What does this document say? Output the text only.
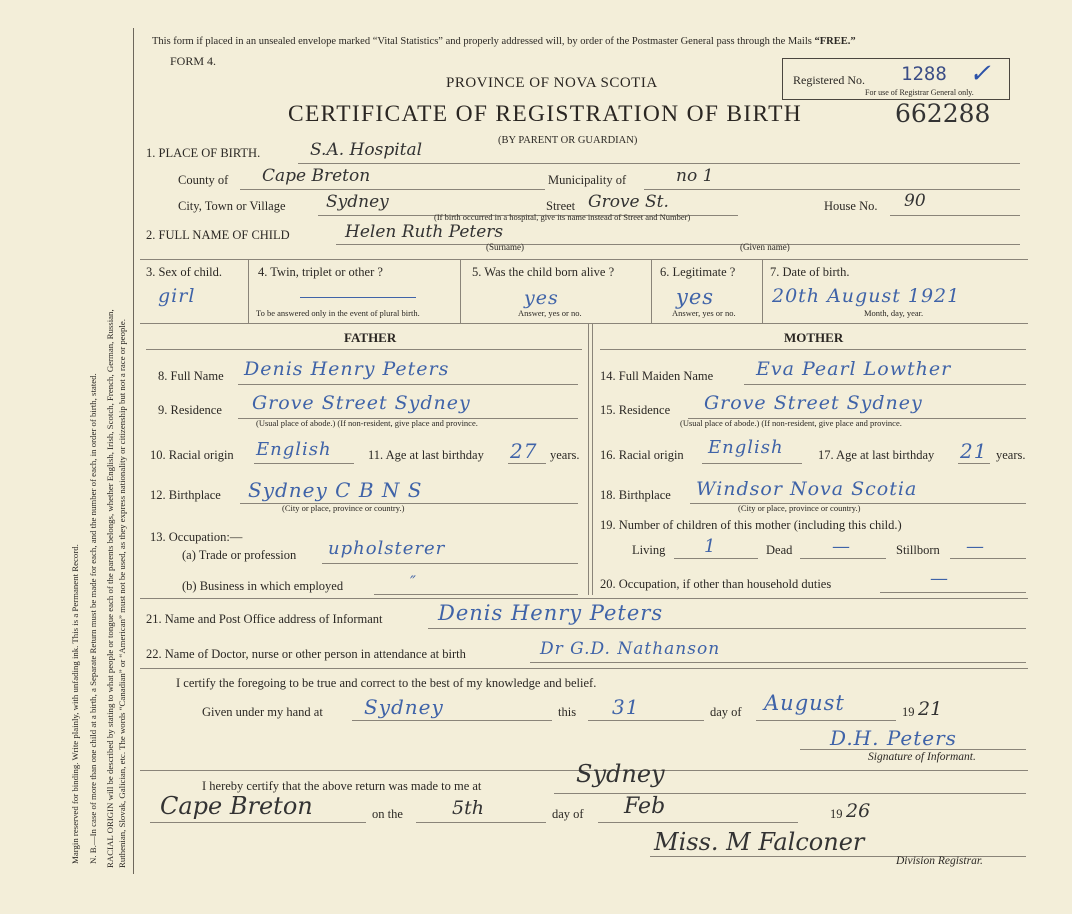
Margin reserved for binding. Write plainly, with unfading ink. This is a Permanent Record. N. B.—In case of more than one child at a birth, a Separate Return must be made for each, and the number of each, in order of birth, stated. RACIAL ORIGIN will be described by stating to what people or tongue each of the parents belongs, whether English, Irish, Scotch, French, German, Russian, Ruthenian, Slovak, Galician, etc. The words “Canadian” or “American” must not be used, as they express nationality or citizenship but not a race or people.
This form if placed in an unsealed envelope marked “Vital Statistics” and properly addressed will, by order of the Postmaster General pass through the Mails “FREE.”
FORM 4.
Registered No. 1288 ✓
For use of Registrar General only.
PROVINCE OF NOVA SCOTIA
CERTIFICATE OF REGISTRATION OF BIRTH	662288
(BY PARENT OR GUARDIAN)
1. PLACE OF BIRTH.	S.A. Hospital
County of Cape Breton	Municipality of	no 1
City, Town or Village Sydney	Street Grove St.
(If birth occurred in a hospital, give its name instead of Street and Number)
House No. 90
2. FULL NAME OF CHILD	Helen Ruth Peters
(Surname)	(Given name)
3. Sex of child.
girl
4. Twin, triplet or other ?
To be answered only in the event of plural birth.
5. Was the child born alive ?
yes
Answer, yes or no.
6. Legitimate ?
yes
Answer, yes or no.
7. Date of birth.
20th August 1921
Month, day, year.
FATHER	MOTHER
8. Full Name Denis Henry Peters
9. Residence Grove Street Sydney
(Usual place of abode.) (If non-resident, give place and province.
10. Racial origin English	11. Age at last birthday 27 years.
12. Birthplace Sydney C B N S
(City or place, province or country.)
13. Occupation:—
(a) Trade or profession upholsterer
(b) Business in which employed	″
14. Full Maiden Name Eva Pearl Lowther
15. Residence Grove Street Sydney
(Usual place of abode.) (If non-resident, give place and province.
16. Racial origin English	17. Age at last birthday 21 years.
18. Birthplace Windsor Nova Scotia
(City or place, province or country.)
19. Number of children of this mother (including this child.)
Living 1	Dead —	Stillborn —
20. Occupation, if other than household duties	—
21. Name and Post Office address of Informant	Denis Henry Peters
22. Name of Doctor, nurse or other person in attendance at birth	Dr G.D. Nathanson
I certify the foregoing to be true and correct to the best of my knowledge and belief.
Given under my hand at Sydney	this 31	day of August	19 21
D.H. Peters
Signature of Informant.
I hereby certify that the above return was made to me at	Sydney
Cape Breton	on the	5th	day of Feb	19 26
Miss. M Falconer
Division Registrar.
